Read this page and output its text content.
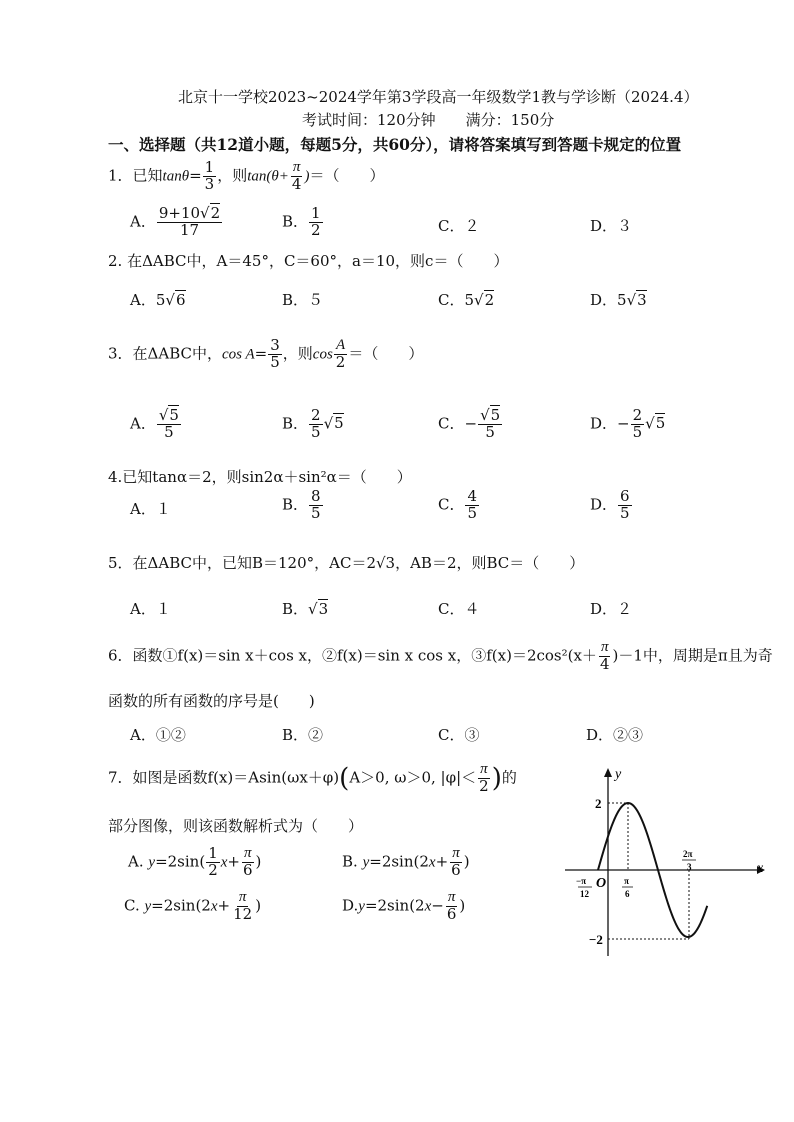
北京十一学校2023~2024学年第3学段高一年级数学1教与学诊断（2024.4）
考试时间：120分钟　　满分：150分
一、选择题（共12道小题，每题5分，共60分），请将答案填写到答题卡规定的位置
1．已知$\tan\theta= \frac{1}{3}$ ，则$\tan(\theta+ \frac{\pi}{4}$ )＝（　　）
A． $\frac{9+10√2}{17}$	B． $\frac{1}{2}$	C．２	D．３
2. 在ΔABC中，A＝45°，C＝60°，a＝10，则c＝（　　）
A．5√6	B．５	C．5√2	D．5√3
3．在ΔABC中，$\cos A= \frac{3}{5}$ ，则$\cos \frac{A}{2}$ ＝（　　）
A． $\frac{√5}{5}$	B． $\frac{2}{5} √5$	C．− $\frac{√5}{5}$	D．− $\frac{2}{5} √5$
4.已知tanα＝2，则sin2α＋sin²α＝（　　）
A．１	B． $\frac{8}{5}$	C． $\frac{4}{5}$	D． $\frac{6}{5}$
5．在ΔABC中，已知B＝120°，AC＝2√3，AB＝2，则BC＝（　　）
A．１	B．√3	C．４	D．２
6．函数①f(x)＝sin x＋cos x，②f(x)＝sin x cos x，③f(x)＝2cos²(x＋ $\frac{\pi}{4} )-1$中，周期是π且为奇
函数的所有函数的序号是(　　)
A．①②	B．②	C．③	D．②③
7．如图是函数f(x)＝Asin(ωx＋φ)(A＞0, ω＞0, $|\varphi|< \frac{\pi}{2}$ )的
部分图像，则该函数解析式为（　　）
A. $y=2\sin( \frac{1}{2} x+ \frac{\pi}{6}$ )	B. $y=2\sin(2x+ \frac{\pi}{6}$ )
C. $y=2\sin(2x+ \frac{\pi}{12}$ )	$D.y=2\sin(2x- \frac{\pi}{6}$ )
y
x
O
2
−2
−π
12
π
6
2π
3
